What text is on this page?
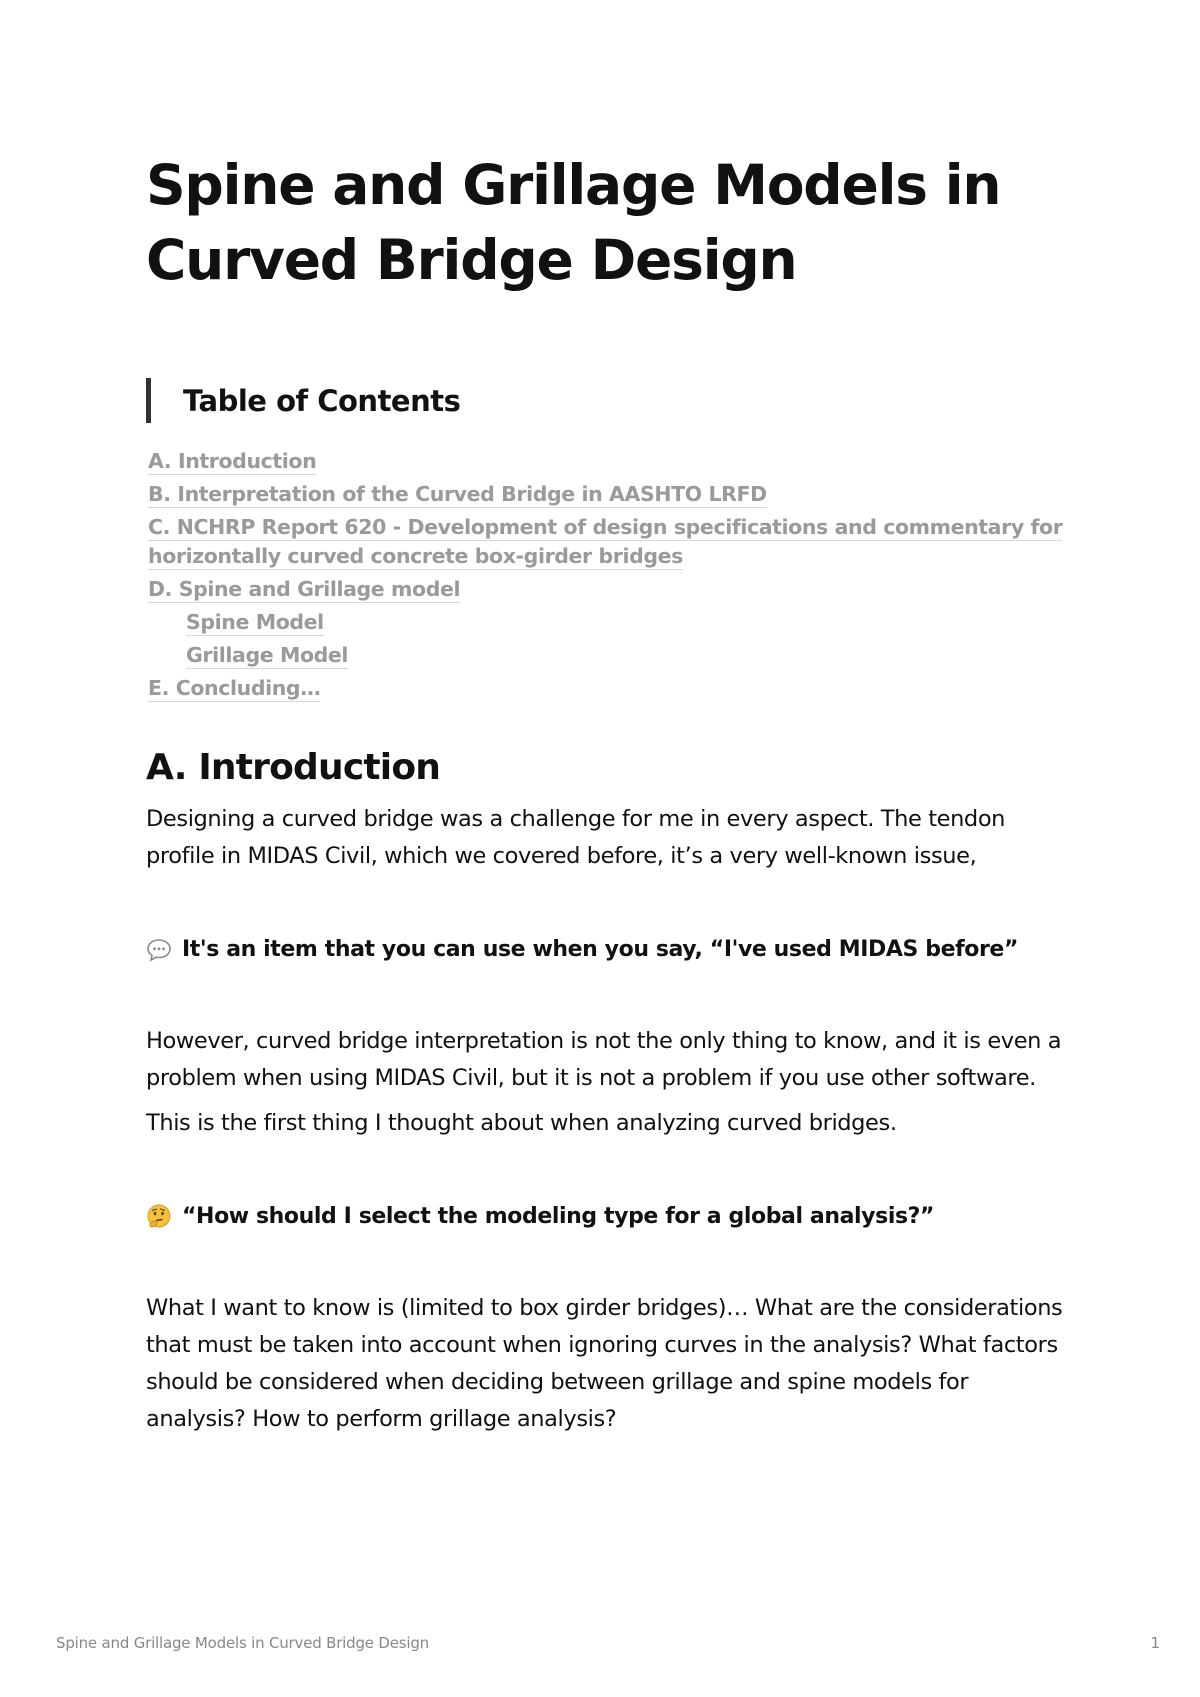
Spine and Grillage Models in Curved Bridge Design
Table of Contents
A. Introduction
B. Interpretation of the Curved Bridge in AASHTO LRFD
C. NCHRP Report 620 - Development of design specifications and commentary for horizontally curved concrete box-girder bridges
D. Spine and Grillage model
Spine Model
Grillage Model
E. Concluding…
A. Introduction

Designing a curved bridge was a challenge for me in every aspect. The tendon profile in MIDAS Civil, which we covered before, it’s a very well-known issue,

It's an item that you can use when you say, “I've used MIDAS before”

However, curved bridge interpretation is not the only thing to know, and it is even a problem when using MIDAS Civil, but it is not a problem if you use other software.

This is the first thing I thought about when analyzing curved bridges.

“How should I select the modeling type for a global analysis?”

What I want to know is (limited to box girder bridges)… What are the considerations that must be taken into account when ignoring curves in the analysis? What factors should be considered when deciding between grillage and spine models for analysis? How to perform grillage analysis?

Spine and Grillage Models in Curved Bridge Design	1
